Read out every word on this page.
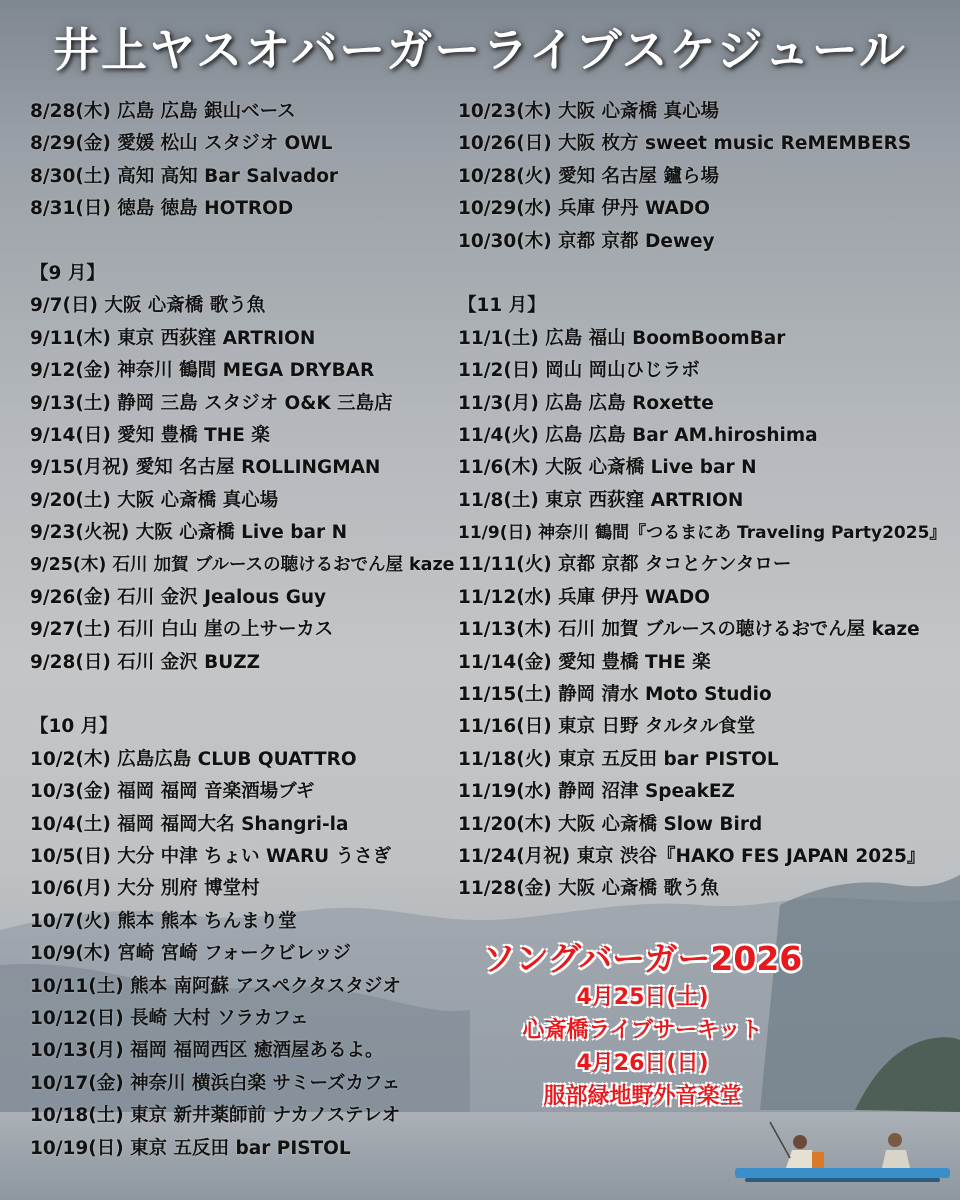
井上ヤスオバーガーライブスケジュール
8/28(木) 広島 広島 銀山ベース
8/29(金) 愛媛 松山 スタジオ OWL
8/30(土) 高知 高知 Bar Salvador
8/31(日) 徳島 徳島 HOTROD
【9 月】
9/7(日) 大阪 心斎橋 歌う魚
9/11(木) 東京 西荻窪 ARTRION
9/12(金) 神奈川 鶴間 MEGA DRYBAR
9/13(土) 静岡 三島 スタジオ O&K 三島店
9/14(日) 愛知 豊橋 THE 楽
9/15(月祝) 愛知 名古屋 ROLLINGMAN
9/20(土) 大阪 心斎橋 真心場
9/23(火祝) 大阪 心斎橋 Live bar N
9/25(木) 石川 加賀 ブルースの聴けるおでん屋 kaze
9/26(金) 石川 金沢 Jealous Guy
9/27(土) 石川 白山 崖の上サーカス
9/28(日) 石川 金沢 BUZZ
【10 月】
10/2(木) 広島広島 CLUB QUATTRO
10/3(金) 福岡 福岡 音楽酒場ブギ
10/4(土) 福岡 福岡大名 Shangri-la
10/5(日) 大分 中津 ちょい WARU うさぎ
10/6(月) 大分 別府 博堂村
10/7(火) 熊本 熊本 ちんまり堂
10/9(木) 宮崎 宮崎 フォークビレッジ
10/11(土) 熊本 南阿蘇 アスペクタスタジオ
10/12(日) 長崎 大村 ソラカフェ
10/13(月) 福岡 福岡西区 癒酒屋あるよ。
10/17(金) 神奈川 横浜白楽 サミーズカフェ
10/18(土) 東京 新井薬師前 ナカノステレオ
10/19(日) 東京 五反田 bar PISTOL
10/23(木) 大阪 心斎橋 真心場
10/26(日) 大阪 枚方 sweet music ReMEMBERS
10/28(火) 愛知 名古屋 鑪ら場
10/29(水) 兵庫 伊丹 WADO
10/30(木) 京都 京都 Dewey
【11 月】
11/1(土) 広島 福山 BoomBoomBar
11/2(日) 岡山 岡山ひじラボ
11/3(月) 広島 広島 Roxette
11/4(火) 広島 広島 Bar AM.hiroshima
11/6(木) 大阪 心斎橋 Live bar N
11/8(土) 東京 西荻窪 ARTRION
11/9(日) 神奈川 鶴間『つるまにあ Traveling Party2025』
11/11(火) 京都 京都 タコとケンタロー
11/12(水) 兵庫 伊丹 WADO
11/13(木) 石川 加賀 ブルースの聴けるおでん屋 kaze
11/14(金) 愛知 豊橋 THE 楽
11/15(土) 静岡 清水 Moto Studio
11/16(日) 東京 日野 タルタル食堂
11/18(火) 東京 五反田 bar PISTOL
11/19(水) 静岡 沼津 SpeakEZ
11/20(木) 大阪 心斎橋 Slow Bird
11/24(月祝) 東京 渋谷『HAKO FES JAPAN 2025』
11/28(金) 大阪 心斎橋 歌う魚
ソングバーガー2026
4月25日(土)
心斎橋ライブサーキット
4月26日(日)
服部緑地野外音楽堂
